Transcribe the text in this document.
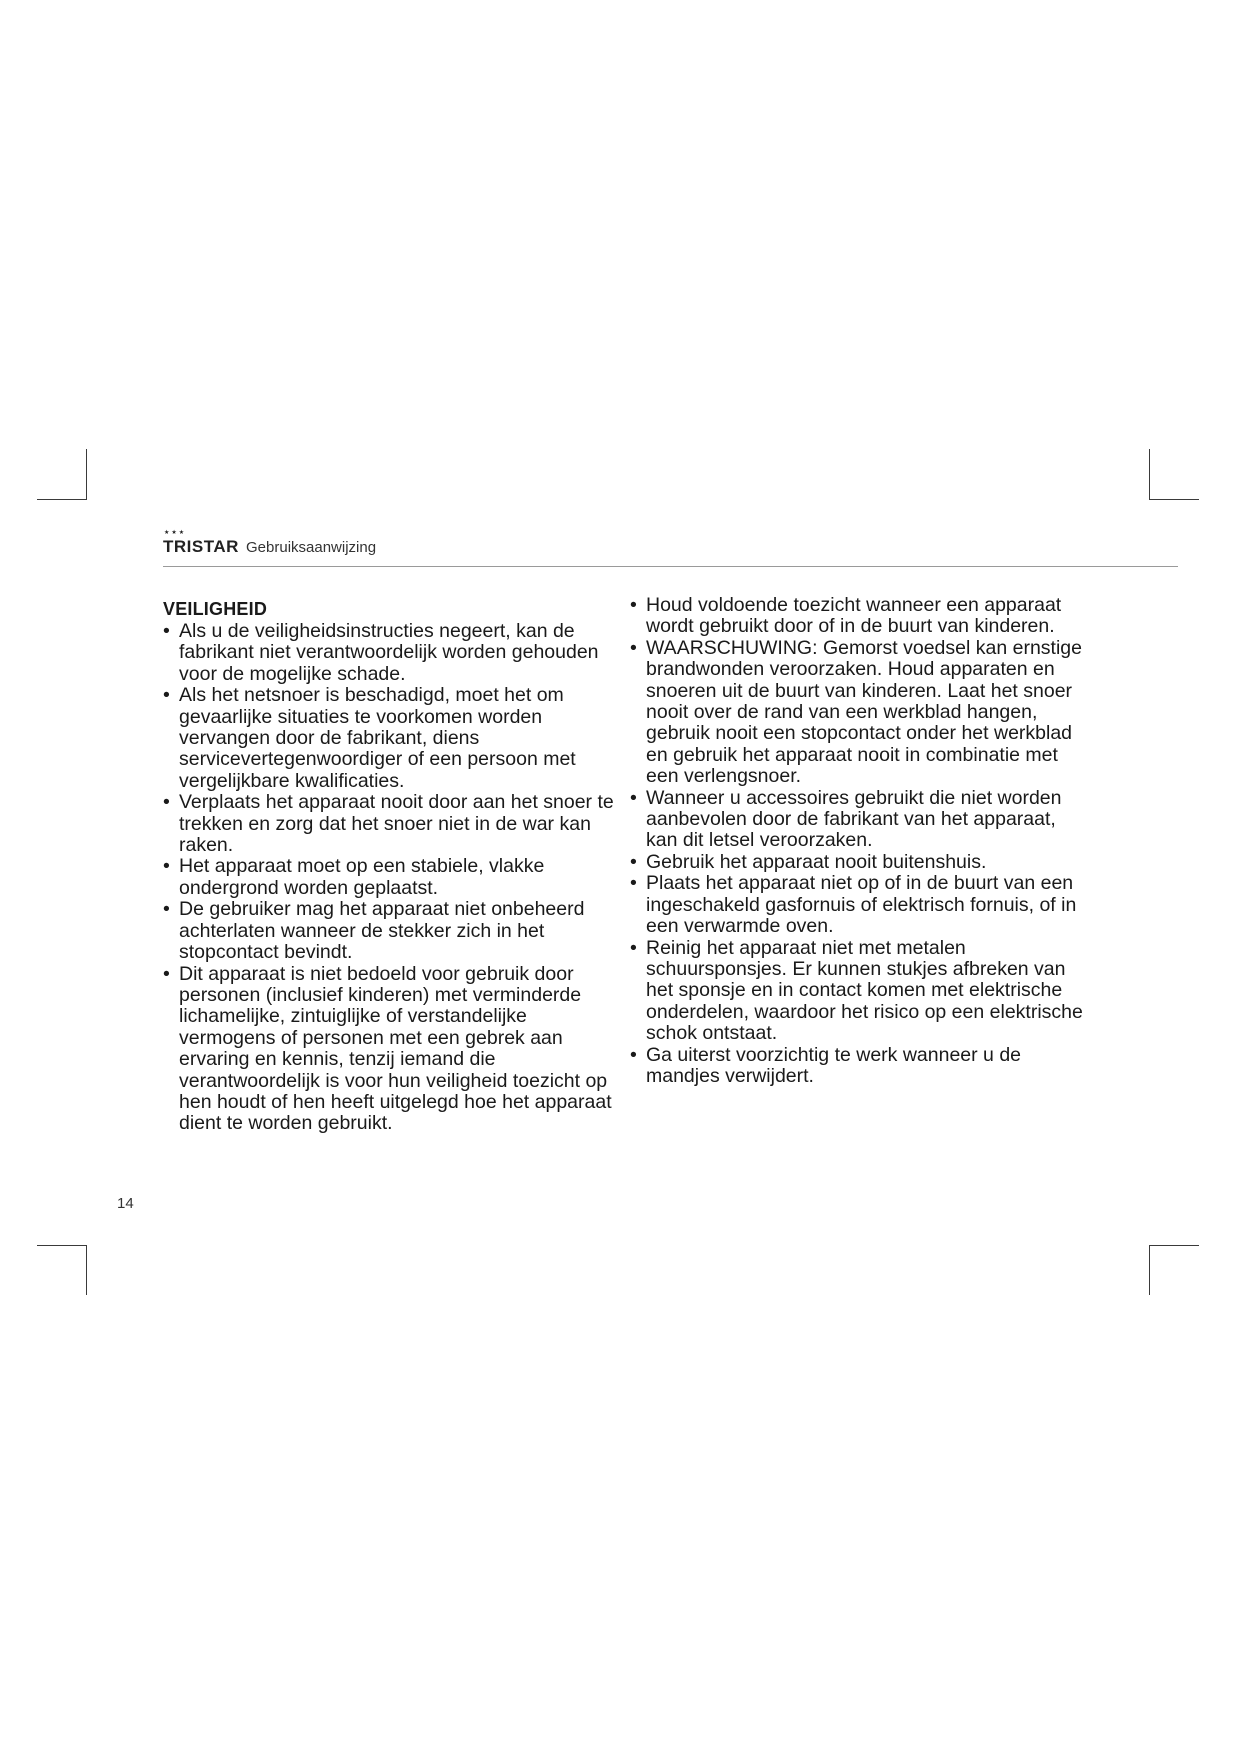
★★★
TRISTAR Gebruiksaanwijzing
VEILIGHEID
• Als u de veiligheidsinstructies negeert, kan de fabrikant niet verantwoordelijk worden gehouden voor de mogelijke schade.
• Als het netsnoer is beschadigd, moet het om gevaarlijke situaties te voorkomen worden vervangen door de fabrikant, diens servicevertegenwoordiger of een persoon met vergelijkbare kwalificaties.
• Verplaats het apparaat nooit door aan het snoer te trekken en zorg dat het snoer niet in de war kan raken.
• Het apparaat moet op een stabiele, vlakke ondergrond worden geplaatst.
• De gebruiker mag het apparaat niet onbeheerd achterlaten wanneer de stekker zich in het stopcontact bevindt.
• Dit apparaat is niet bedoeld voor gebruik door personen (inclusief kinderen) met verminderde lichamelijke, zintuiglijke of verstandelijke vermogens of personen met een gebrek aan ervaring en kennis, tenzij iemand die verantwoordelijk is voor hun veiligheid toezicht op hen houdt of hen heeft uitgelegd hoe het apparaat dient te worden gebruikt.
• Houd voldoende toezicht wanneer een apparaat wordt gebruikt door of in de buurt van kinderen.
• WAARSCHUWING: Gemorst voedsel kan ernstige brandwonden veroorzaken. Houd apparaten en snoeren uit de buurt van kinderen. Laat het snoer nooit over de rand van een werkblad hangen, gebruik nooit een stopcontact onder het werkblad en gebruik het apparaat nooit in combinatie met een verlengsnoer.
• Wanneer u accessoires gebruikt die niet worden aanbevolen door de fabrikant van het apparaat, kan dit letsel veroorzaken.
• Gebruik het apparaat nooit buitenshuis.
• Plaats het apparaat niet op of in de buurt van een ingeschakeld gasfornuis of elektrisch fornuis, of in een verwarmde oven.
• Reinig het apparaat niet met metalen schuursponsjes. Er kunnen stukjes afbreken van het sponsje en in contact komen met elektrische onderdelen, waardoor het risico op een elektrische schok ontstaat.
• Ga uiterst voorzichtig te werk wanneer u de mandjes verwijdert.
14
